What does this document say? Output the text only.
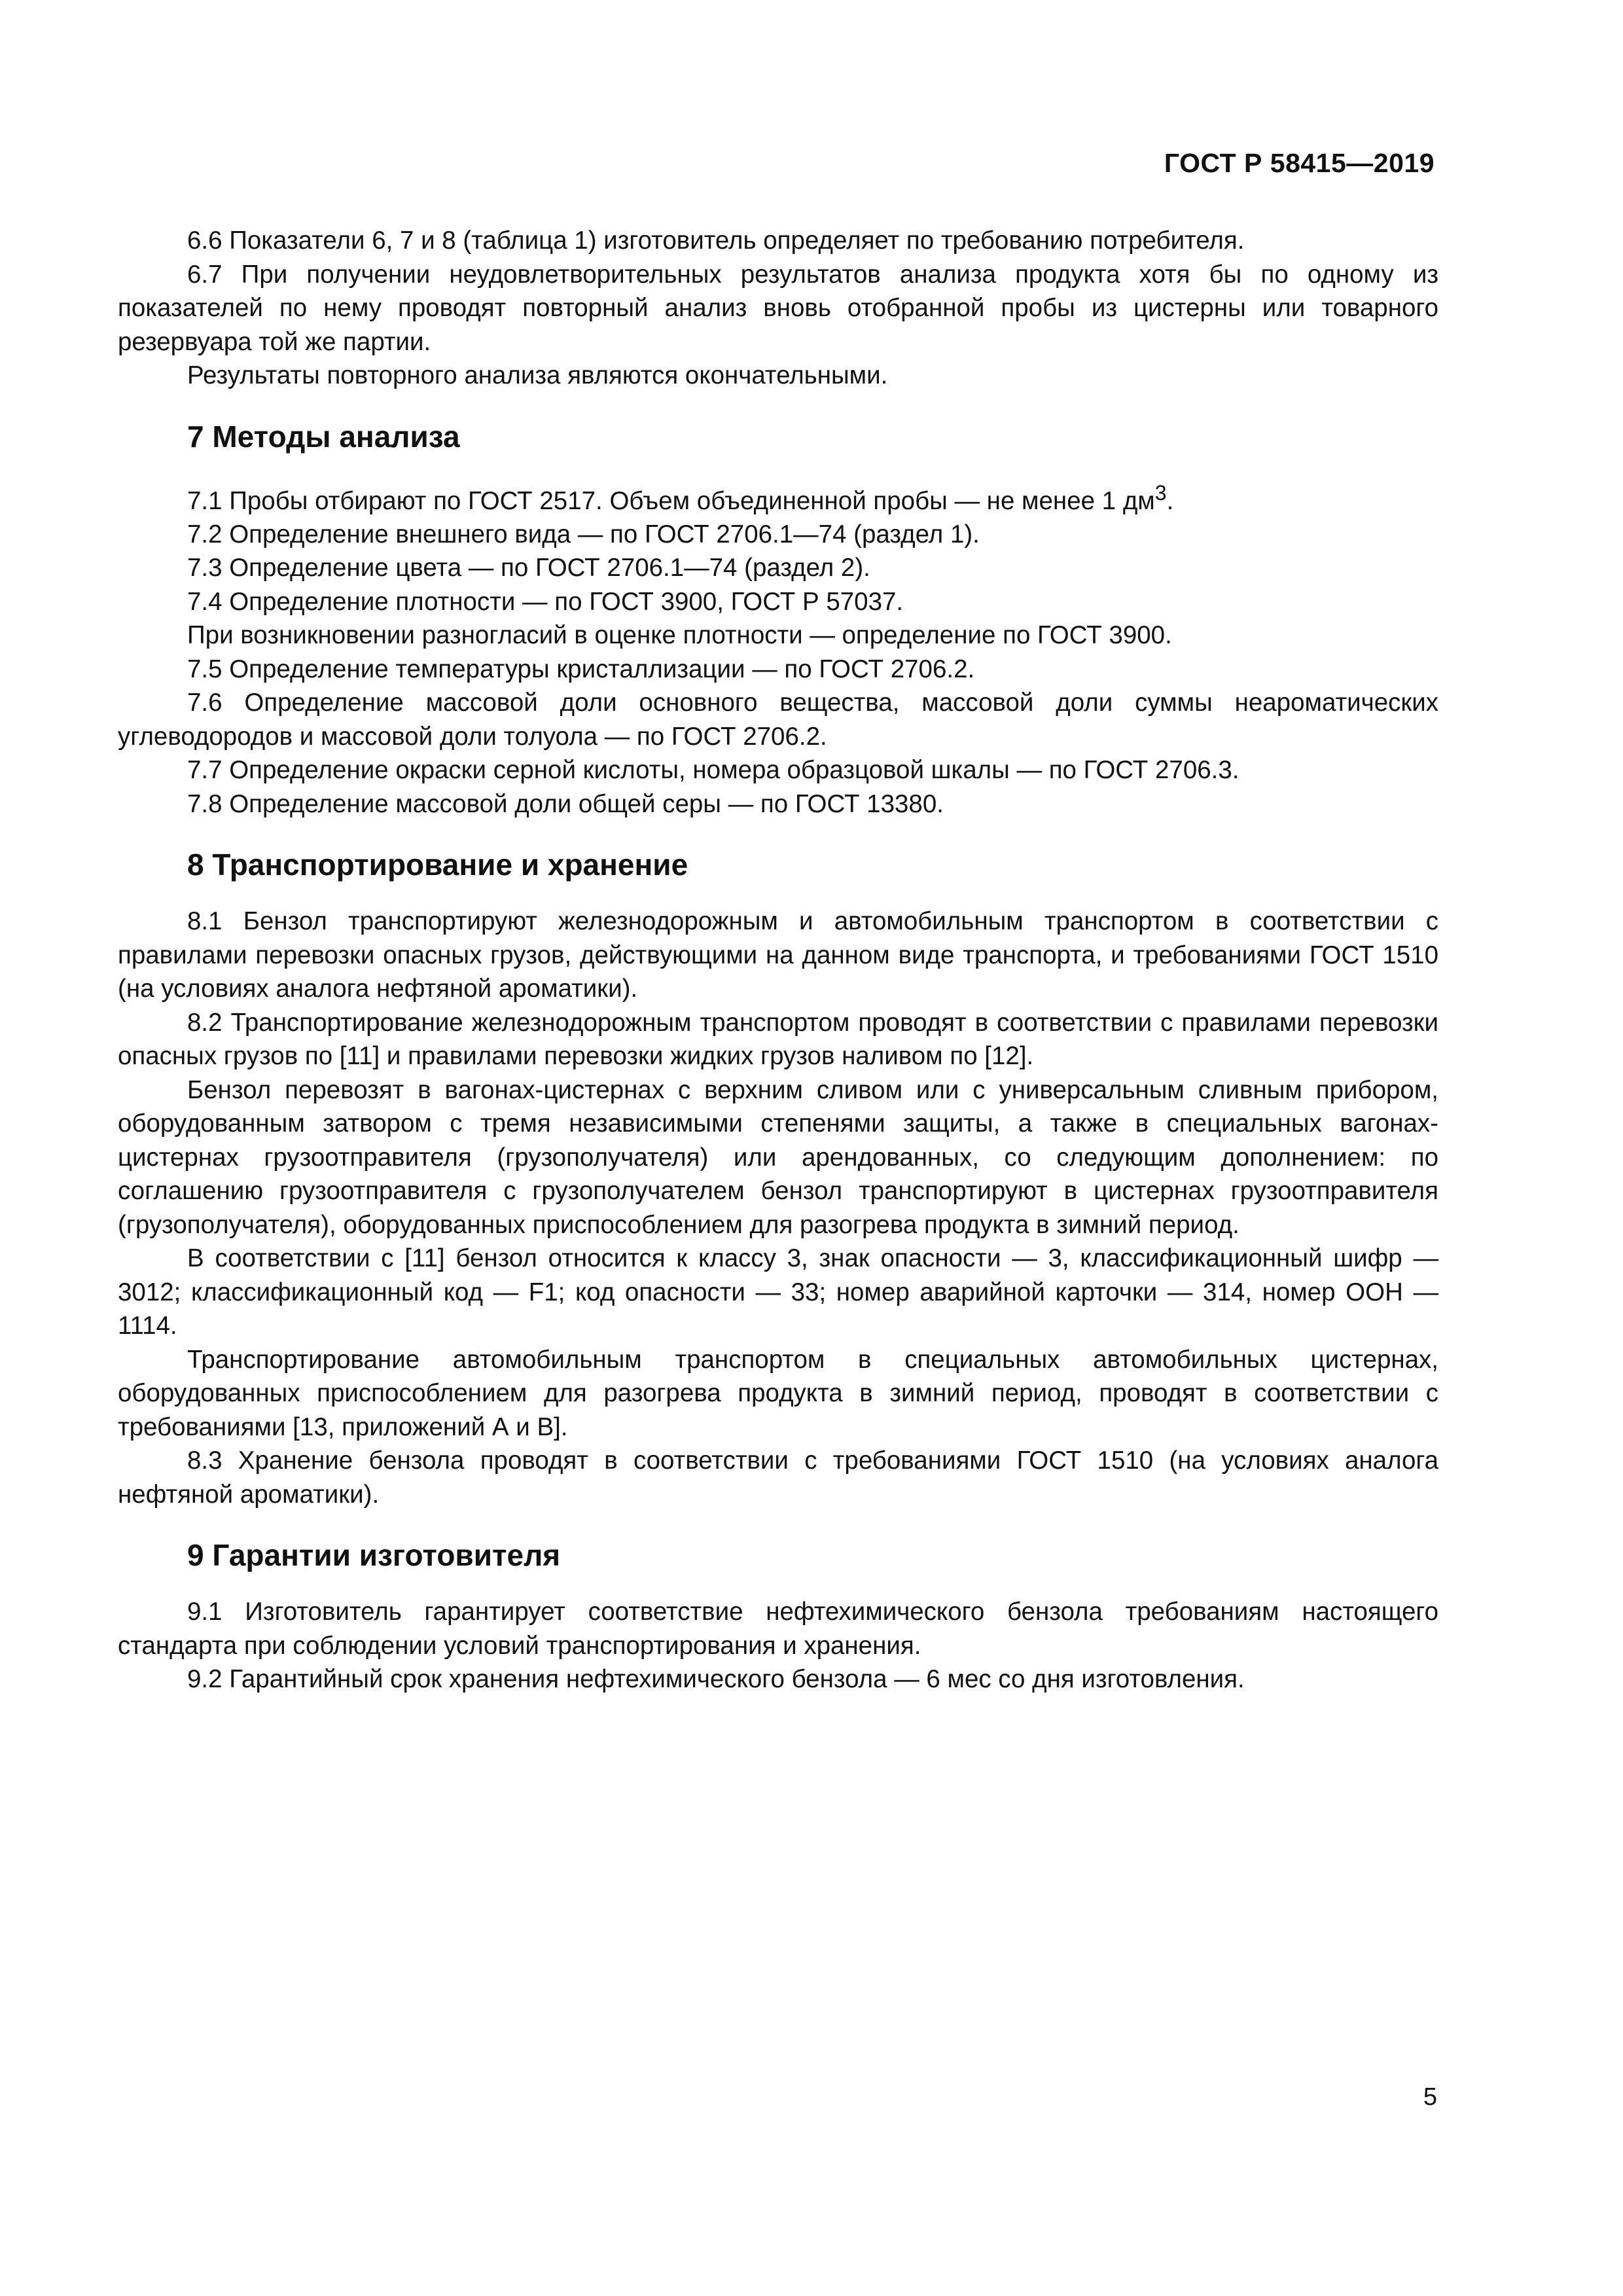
ГОСТ Р 58415—2019

6.6 Показатели 6, 7 и 8 (таблица 1) изготовитель определяет по требованию потребителя.

6.7 При получении неудовлетворительных результатов анализа продукта хотя бы по одному из показателей по нему проводят повторный анализ вновь отобранной пробы из цистерны или товарного резервуара той же партии.

Результаты повторного анализа являются окончательными.

7 Методы анализа

7.1 Пробы отбирают по ГОСТ 2517. Объем объединенной пробы — не менее 1 $дм^3$.

7.2 Определение внешнего вида — по ГОСТ 2706.1—74 (раздел 1).

7.3 Определение цвета — по ГОСТ 2706.1—74 (раздел 2).

7.4 Определение плотности — по ГОСТ 3900, ГОСТ Р 57037.

При возникновении разногласий в оценке плотности — определение по ГОСТ 3900.

7.5 Определение температуры кристаллизации — по ГОСТ 2706.2.

7.6 Определение массовой доли основного вещества, массовой доли суммы неароматических углеводородов и массовой доли толуола — по ГОСТ 2706.2.

7.7 Определение окраски серной кислоты, номера образцовой шкалы — по ГОСТ 2706.3.

7.8 Определение массовой доли общей серы — по ГОСТ 13380.

8 Транспортирование и хранение

8.1 Бензол транспортируют железнодорожным и автомобильным транспортом в соответствии с правилами перевозки опасных грузов, действующими на данном виде транспорта, и требованиями ГОСТ 1510 (на условиях аналога нефтяной ароматики).

8.2 Транспортирование железнодорожным транспортом проводят в соответствии с правилами перевозки опасных грузов по [11] и правилами перевозки жидких грузов наливом по [12].

Бензол перевозят в вагонах-цистернах с верхним сливом или с универсальным сливным прибором, оборудованным затвором с тремя независимыми степенями защиты, а также в специальных вагонах-цистернах грузоотправителя (грузополучателя) или арендованных, со следующим дополнением: по соглашению грузоотправителя с грузополучателем бензол транспортируют в цистернах грузоотправителя (грузополучателя), оборудованных приспособлением для разогрева продукта в зимний период.

В соответствии с [11] бензол относится к классу 3, знак опасности — 3, классификационный шифр — 3012; классификационный код — F1; код опасности — 33; номер аварийной карточки — 314, номер ООН — 1114.

Транспортирование автомобильным транспортом в специальных автомобильных цистернах, оборудованных приспособлением для разогрева продукта в зимний период, проводят в соответствии с требованиями [13, приложений А и В].

8.3 Хранение бензола проводят в соответствии с требованиями ГОСТ 1510 (на условиях аналога нефтяной ароматики).

9 Гарантии изготовителя

9.1 Изготовитель гарантирует соответствие нефтехимического бензола требованиям настоящего стандарта при соблюдении условий транспортирования и хранения.

9.2 Гарантийный срок хранения нефтехимического бензола — 6 мес со дня изготовления.

5
